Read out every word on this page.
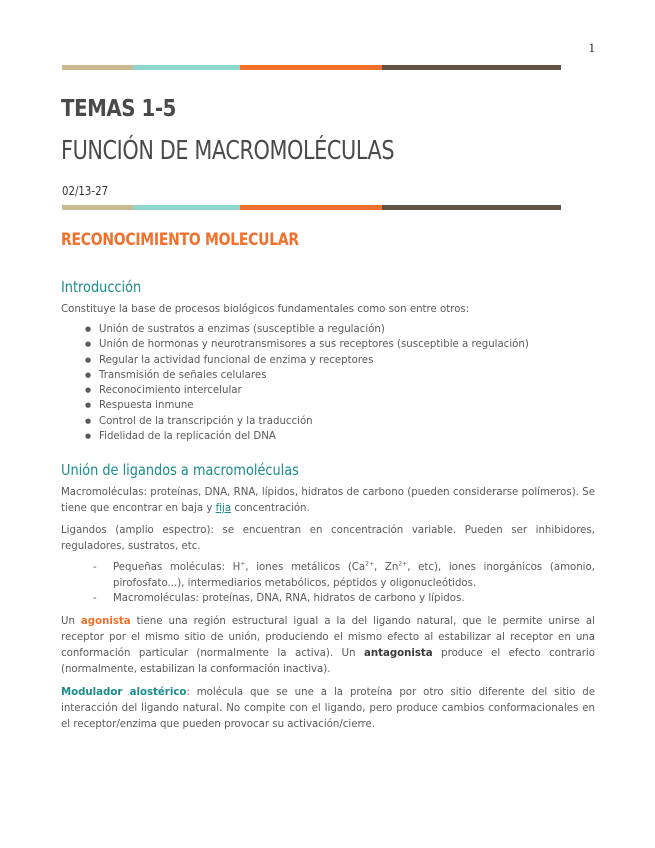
1
TEMAS 1-5
FUNCIÓN DE MACROMOLÉCULAS
02/13-27
RECONOCIMIENTO MOLECULAR
Introducción

Constituye la base de procesos biológicos fundamentales como son entre otros:

● Unión de sustratos a enzimas (susceptible a regulación)
● Unión de hormonas y neurotransmisores a sus receptores (susceptible a regulación)
● Regular la actividad funcional de enzima y receptores
● Transmisión de señales celulares
● Reconocimiento intercelular
● Respuesta inmune
● Control de la transcripción y la traducción
● Fidelidad de la replicación del DNA
Unión de ligandos a macromoléculas

Macromoléculas: proteínas, DNA, RNA, lípidos, hidratos de carbono (pueden considerarse polímeros). Se tiene que encontrar en baja y fija concentración.

Ligandos (amplio espectro): se encuentran en concentración variable. Pueden ser inhibidores, reguladores, sustratos, etc.

- Pequeñas moléculas: H+, iones metálicos ($Ca^{2+}$, $Zn^{2+}$, etc), iones inorgánicos (amonio, pirofosfato...), intermediarios metabólicos, péptidos y oligonucleótidos.
- Macromoléculas: proteínas, DNA, RNA, hidratos de carbono y lípidos.

Un agonista tiene una región estructural igual a la del ligando natural, que le permite unirse al receptor por el mismo sitio de unión, produciendo el mismo efecto al estabilizar al receptor en una conformación particular (normalmente la activa). Un antagonista produce el efecto contrario (normalmente, estabilizan la conformación inactiva).

Modulador alostérico: molécula que se une a la proteína por otro sitio diferente del sitio de interacción del ligando natural. No compite con el ligando, pero produce cambios conformacionales en el receptor/enzima que pueden provocar su activación/cierre.
